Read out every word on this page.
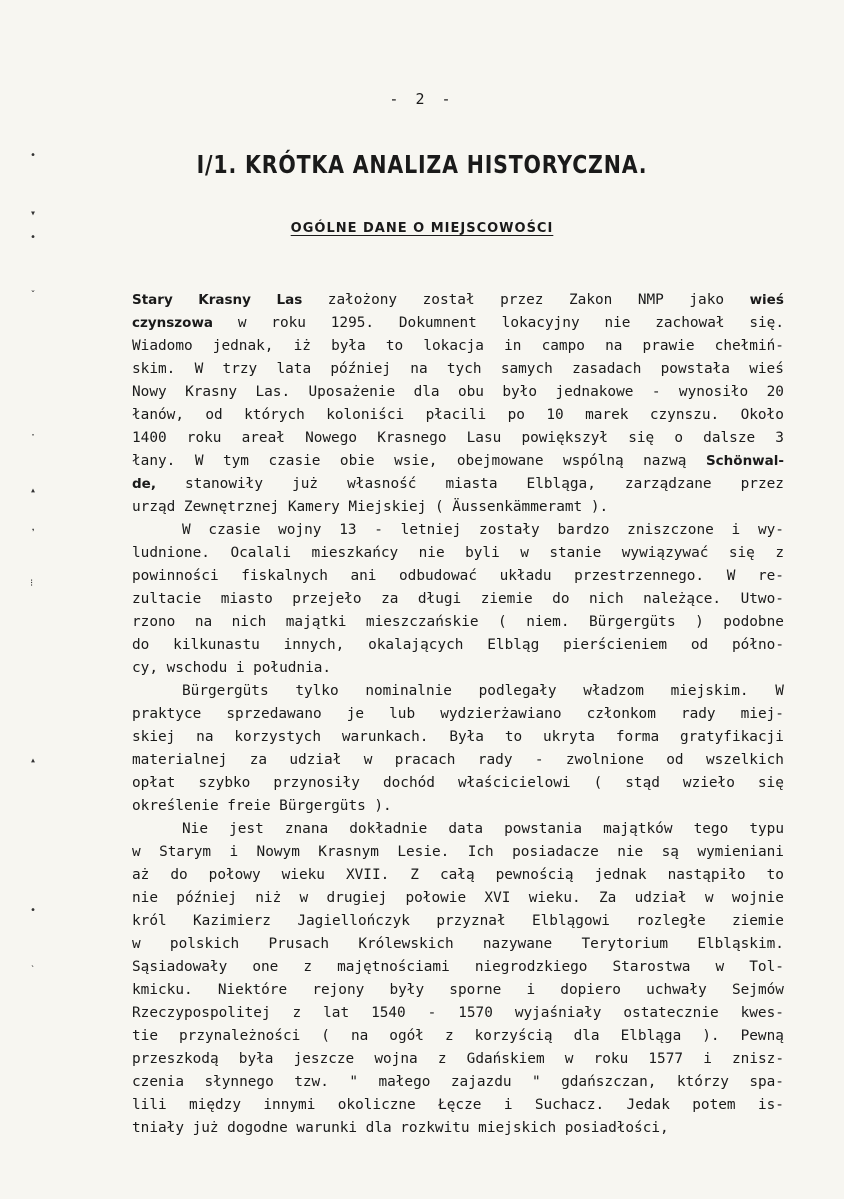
- 2 -
I/1. KRÓTKA ANALIZA HISTORYCZNA.
OGÓLNE DANE O MIEJSCOWOŚCI
Stary Krasny Las założony został przez Zakon NMP jako wieś
czynszowa w roku 1295. Dokumnent lokacyjny nie zachował się.
Wiadomo jednak, iż była to lokacja in campo na prawie chełmiń-
skim. W trzy lata później na tych samych zasadach powstała wieś
Nowy Krasny Las. Uposażenie dla obu było jednakowe - wynosiło 20
łanów, od których koloniści płacili po 10 marek czynszu. Około
1400 roku areał Nowego Krasnego Lasu powiększył się o dalsze 3
łany. W tym czasie obie wsie, obejmowane wspólną nazwą Schönwal-
de, stanowiły już własność miasta Elbląga, zarządzane przez
urząd Zewnętrznej Kamery Miejskiej ( Äussenkämmeramt ).
W czasie wojny 13 - letniej zostały bardzo zniszczone i wy-
ludnione. Ocalali mieszkańcy nie byli w stanie wywiązywać się z
powinności fiskalnych ani odbudować układu przestrzennego. W re-
zultacie miasto przejeło za długi ziemie do nich należące. Utwo-
rzono na nich majątki mieszczańskie ( niem. Bürgergüts ) podobne
do kilkunastu innych, okalających Elbląg pierścieniem od półno-
cy, wschodu i południa.
Bürgergüts tylko nominalnie podlegały władzom miejskim. W
praktyce sprzedawano je lub wydzierżawiano członkom rady miej-
skiej na korzystych warunkach. Była to ukryta forma gratyfikacji
materialnej za udział w pracach rady - zwolnione od wszelkich
opłat szybko przynosiły dochód właścicielowi ( stąd wzieło się
określenie freie Bürgergüts ).
Nie jest znana dokładnie data powstania majątków tego typu
w Starym i Nowym Krasnym Lesie. Ich posiadacze nie są wymieniani
aż do połowy wieku XVII. Z całą pewnością jednak nastąpiło to
nie później niż w drugiej połowie XVI wieku. Za udział w wojnie
król Kazimierz Jagiellończyk przyznał Elblągowi rozległe ziemie
w polskich Prusach Królewskich nazywane Terytorium Elbląskim.
Sąsiadowały one z majętnościami niegrodzkiego Starostwa w Tol-
kmicku. Niektóre rejony były sporne i dopiero uchwały Sejmów
Rzeczypospolitej z lat 1540 - 1570 wyjaśniały ostatecznie kwes-
tie przynależności ( na ogół z korzyścią dla Elbląga ). Pewną
przeszkodą była jeszcze wojna z Gdańskiem w roku 1577 i znisz-
czenia słynnego tzw. " małego zajazdu " gdańszczan, którzy spa-
lili między innymi okoliczne Łęcze i Suchacz. Jedak potem is-
tniały już dogodne warunki dla rozkwitu miejskich posiadłości,
•
▾
•
ˇ
·
▴
❜
⁝
▴
•
ˋ
